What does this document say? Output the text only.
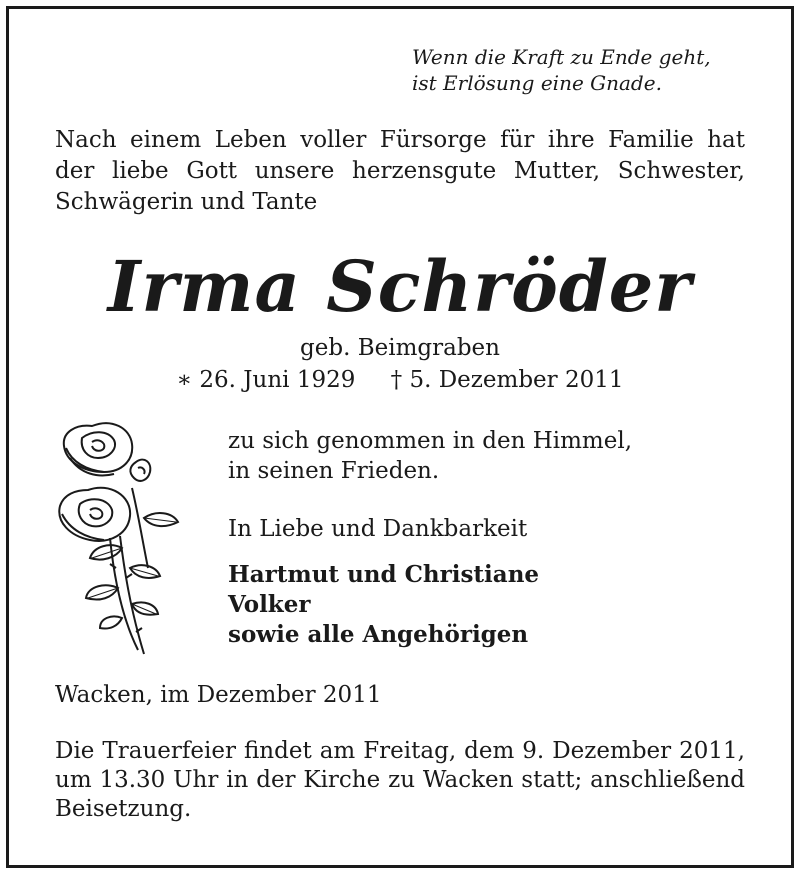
Wenn die Kraft zu Ende geht,
ist Erlösung eine Gnade.
Nach einem Leben voller Fürsorge für ihre Familie hat
der liebe Gott unsere herzensgute Mutter, Schwester,
Schwägerin und Tante
Irma Schröder
geb. Beimgraben
∗ 26. Juni 1929 † 5. Dezember 2011
zu sich genommen in den Himmel,
in seinen Frieden.
In Liebe und Dankbarkeit
Hartmut und Christiane
Volker
sowie alle Angehörigen
Wacken, im Dezember 2011
Die Trauerfeier findet am Freitag, dem 9. Dezember 2011,
um 13.30 Uhr in der Kirche zu Wacken statt; anschließend
Beisetzung.
